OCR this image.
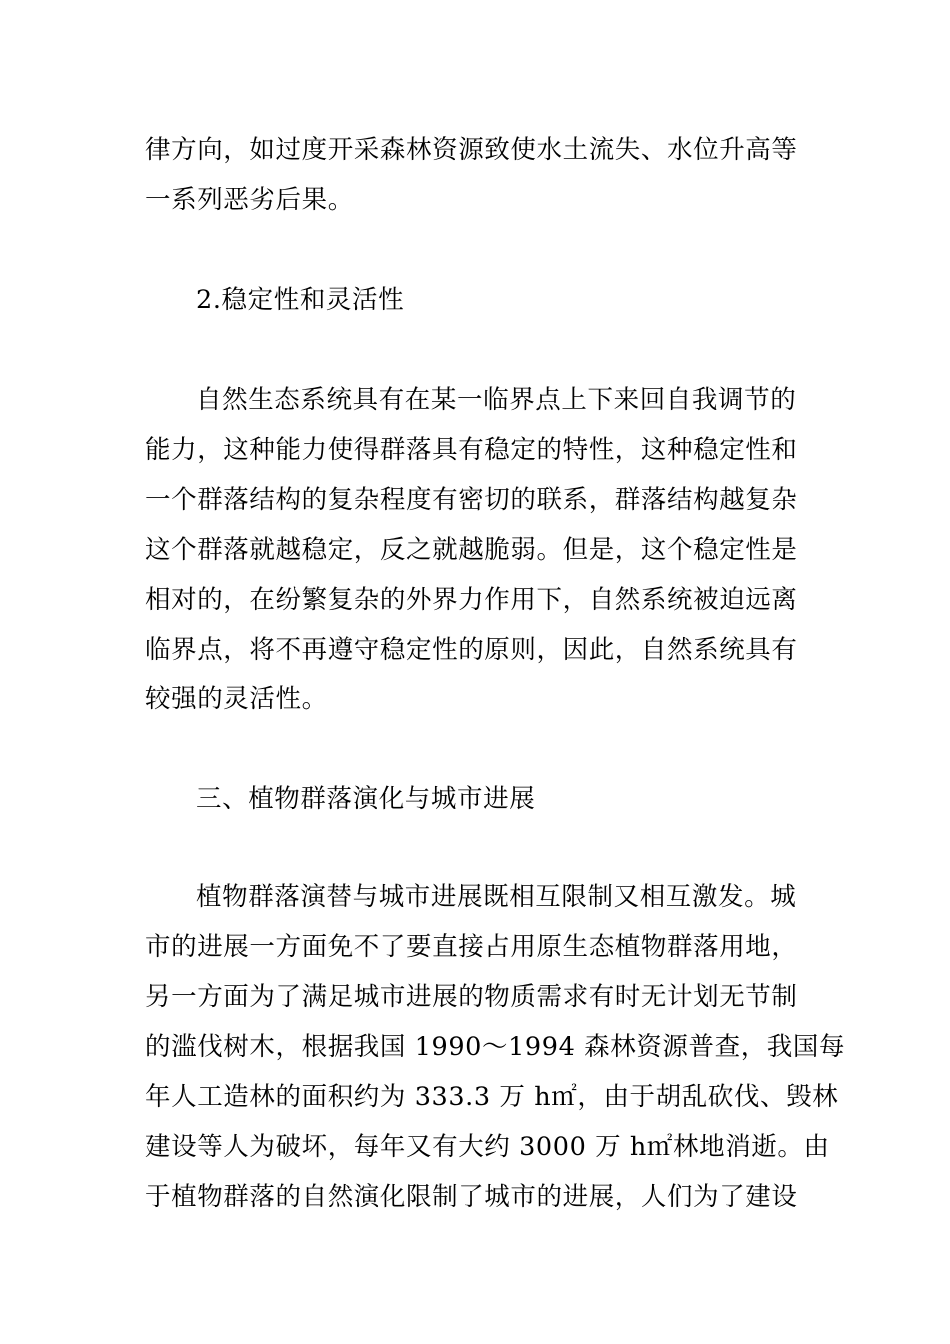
律方向，如过度开采森林资源致使水土流失、水位升高等
一系列恶劣后果。
2.稳定性和灵活性
自然生态系统具有在某一临界点上下来回自我调节的
能力，这种能力使得群落具有稳定的特性，这种稳定性和
一个群落结构的复杂程度有密切的联系，群落结构越复杂
这个群落就越稳定，反之就越脆弱。但是，这个稳定性是
相对的，在纷繁复杂的外界力作用下，自然系统被迫远离
临界点，将不再遵守稳定性的原则，因此，自然系统具有
较强的灵活性。
三、植物群落演化与城市进展
植物群落演替与城市进展既相互限制又相互激发。城
市的进展一方面免不了要直接占用原生态植物群落用地，
另一方面为了满足城市进展的物质需求有时无计划无节制
的滥伐树木，根据我国 1990～1994 森林资源普查，我国每
年人工造林的面积约为 333.3 万 h㎡，由于胡乱砍伐、毁林
建设等人为破坏，每年又有大约 3000 万 h㎡林地消逝。由
于植物群落的自然演化限制了城市的进展，人们为了建设
